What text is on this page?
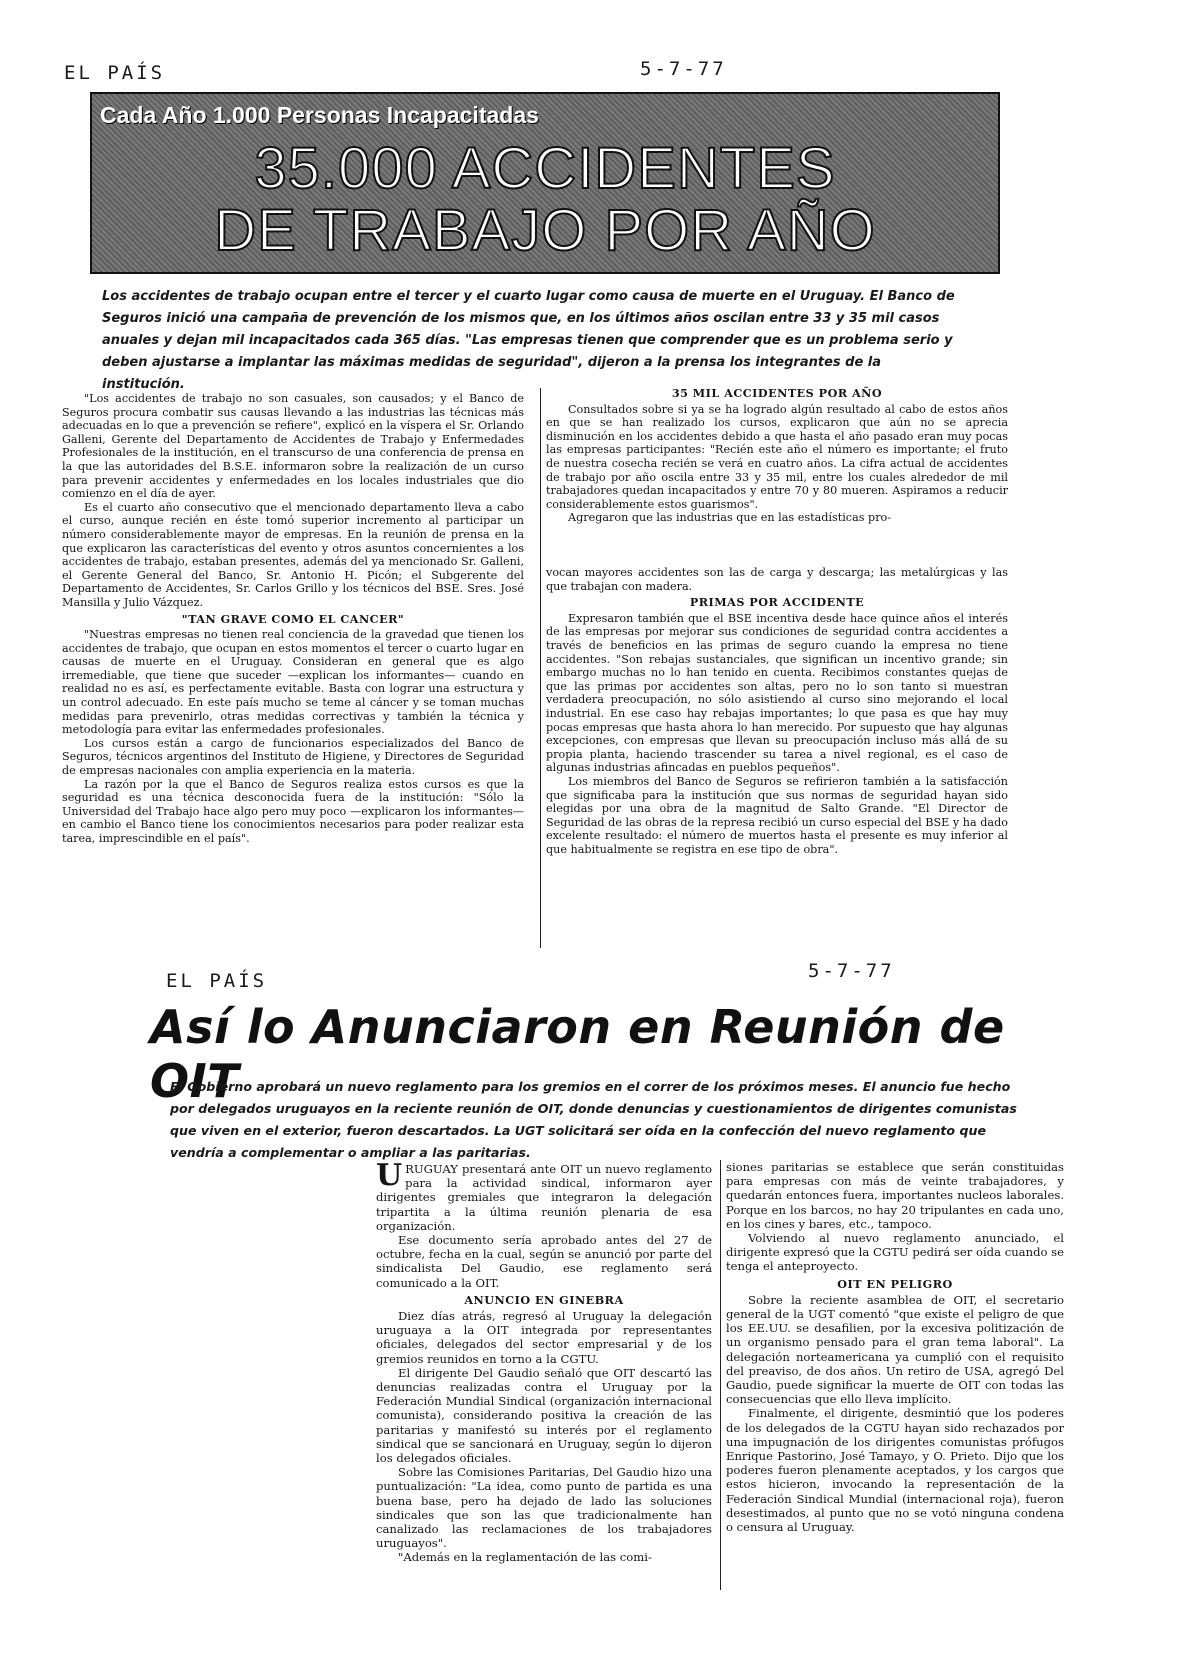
EL PAÍS	5-7-77
Cada Año 1.000 Personas Incapacitadas
35.000 ACCIDENTES
DE TRABAJO POR AÑO
Los accidentes de trabajo ocupan entre el tercer y el cuarto lugar como causa de muerte en el Uruguay. El Banco de Seguros inició una campaña de prevención de los mismos que, en los últimos años oscilan entre 33 y 35 mil casos anuales y dejan mil incapacitados cada 365 días. "Las empresas tienen que comprender que es un problema serio y deben ajustarse a implantar las máximas medidas de seguridad", dijeron a la prensa los integrantes de la institución.

"Los accidentes de trabajo no son casuales, son causados; y el Banco de Seguros procura combatir sus causas llevando a las industrias las técnicas más adecuadas en lo que a prevención se refiere", explicó en la víspera el Sr. Orlando Galleni, Gerente del Departamento de Accidentes de Trabajo y Enfermedades Profesionales de la institución, en el transcurso de una conferencia de prensa en la que las autoridades del B.S.E. informaron sobre la realización de un curso para prevenir accidentes y enfermedades en los locales industriales que dio comienzo en el día de ayer.

Es el cuarto año consecutivo que el mencionado departamento lleva a cabo el curso, aunque recién en éste tomó superior incremento al participar un número considerablemente mayor de empresas. En la reunión de prensa en la que explicaron las características del evento y otros asuntos concernientes a los accidentes de trabajo, estaban presentes, además del ya mencionado Sr. Galleni, el Gerente General del Banco, Sr. Antonio H. Picón; el Subgerente del Departamento de Accidentes, Sr. Carlos Grillo y los técnicos del BSE. Sres. José Mansilla y Julio Vázquez.

"TAN GRAVE COMO EL CANCER"

"Nuestras empresas no tienen real conciencia de la gravedad que tienen los accidentes de trabajo, que ocupan en estos momentos el tercer o cuarto lugar en causas de muerte en el Uruguay. Consideran en general que es algo irremediable, que tiene que suceder —explican los informantes— cuando en realidad no es así, es perfectamente evitable. Basta con lograr una estructura y un control adecuado. En este país mucho se teme al cáncer y se toman muchas medidas para prevenirlo, otras medidas correctivas y también la técnica y metodología para evitar las enfermedades profesionales.

Los cursos están a cargo de funcionarios especializados del Banco de Seguros, técnicos argentinos del Instituto de Higiene, y Directores de Seguridad de empresas nacionales con amplia experiencia en la materia.

La razón por la que el Banco de Seguros realiza estos cursos es que la seguridad es una técnica desconocida fuera de la institución: "Sólo la Universidad del Trabajo hace algo pero muy poco —explicaron los informantes— en cambio el Banco tiene los conocimientos necesarios para poder realizar esta tarea, imprescindible en el país".

35 MIL ACCIDENTES POR AÑO

Consultados sobre si ya se ha logrado algún resultado al cabo de estos años en que se han realizado los cursos, explicaron que aún no se aprecia disminución en los accidentes debido a que hasta el año pasado eran muy pocas las empresas participantes: "Recién este año el número es importante; el fruto de nuestra cosecha recién se verá en cuatro años. La cifra actual de accidentes de trabajo por año oscila entre 33 y 35 mil, entre los cuales alrededor de mil trabajadores quedan incapacitados y entre 70 y 80 mueren. Aspiramos a reducir considerablemente estos guarismos".

Agregaron que las industrias que en las estadísticas pro-

vocan mayores accidentes son las de carga y descarga; las metalúrgicas y las que trabajan con madera.

PRIMAS POR ACCIDENTE

Expresaron también que el BSE incentiva desde hace quince años el interés de las empresas por mejorar sus condiciones de seguridad contra accidentes a través de beneficios en las primas de seguro cuando la empresa no tiene accidentes. "Son rebajas sustanciales, que significan un incentivo grande; sin embargo muchas no lo han tenido en cuenta. Recibimos constantes quejas de que las primas por accidentes son altas, pero no lo son tanto si muestran verdadera preocupación, no sólo asistiendo al curso sino mejorando el local industrial. En ese caso hay rebajas importantes; lo que pasa es que hay muy pocas empresas que hasta ahora lo han merecido. Por supuesto que hay algunas excepciones, con empresas que llevan su preocupación incluso más allá de su propia planta, haciendo trascender su tarea a nivel regional, es el caso de algunas industrias afincadas en pueblos pequeños".

Los miembros del Banco de Seguros se refirieron también a la satisfacción que significaba para la institución que sus normas de seguridad hayan sido elegidas por una obra de la magnitud de Salto Grande. "El Director de Seguridad de las obras de la represa recibió un curso especial del BSE y ha dado excelente resultado: el número de muertos hasta el presente es muy inferior al que habitualmente se registra en ese tipo de obra".

EL PAÍS	5-7-77
Así lo Anunciaron en Reunión de OIT
El Gobierno aprobará un nuevo reglamento para los gremios en el correr de los próximos meses. El anuncio fue hecho por delegados uruguayos en la reciente reunión de OIT, donde denuncias y cuestionamientos de dirigentes comunistas que viven en el exterior, fueron descartados. La UGT solicitará ser oída en la confección del nuevo reglamento que vendría a complementar o ampliar a las paritarias.

URUGUAY presentará ante OIT un nuevo reglamento para la actividad sindical, informaron ayer dirigentes gremiales que integraron la delegación tripartita a la última reunión plenaria de esa organización.

Ese documento sería aprobado antes del 27 de octubre, fecha en la cual, según se anunció por parte del sindicalista Del Gaudio, ese reglamento será comunicado a la OIT.

ANUNCIO EN GINEBRA

Diez días atrás, regresó al Uruguay la delegación uruguaya a la OIT integrada por representantes oficiales, delegados del sector empresarial y de los gremios reunidos en torno a la CGTU.

El dirigente Del Gaudio señaló que OIT descartó las denuncias realizadas contra el Uruguay por la Federación Mundial Sindical (organización internacional comunista), considerando positiva la creación de las paritarias y manifestó su interés por el reglamento sindical que se sancionará en Uruguay, según lo dijeron los delegados oficiales.

Sobre las Comisiones Paritarias, Del Gaudio hizo una puntualización: "La idea, como punto de partida es una buena base, pero ha dejado de lado las soluciones sindicales que son las que tradicionalmente han canalizado las reclamaciones de los trabajadores uruguayos".

"Además en la reglamentación de las comi-

siones paritarias se establece que serán constituidas para empresas con más de veinte trabajadores, y quedarán entonces fuera, importantes nucleos laborales. Porque en los barcos, no hay 20 tripulantes en cada uno, en los cines y bares, etc., tampoco.

Volviendo al nuevo reglamento anunciado, el dirigente expresó que la CGTU pedirá ser oída cuando se tenga el anteproyecto.

OIT EN PELIGRO

Sobre la reciente asamblea de OIT, el secretario general de la UGT comentó "que existe el peligro de que los EE.UU. se desafilien, por la excesiva politización de un organismo pensado para el gran tema laboral". La delegación norteamericana ya cumplió con el requisito del preaviso, de dos años. Un retiro de USA, agregó Del Gaudio, puede significar la muerte de OIT con todas las consecuencias que ello lleva implícito.

Finalmente, el dirigente, desmintió que los poderes de los delegados de la CGTU hayan sido rechazados por una impugnación de los dirigentes comunistas prófugos Enrique Pastorino, José Tamayo, y O. Prieto. Dijo que los poderes fueron plenamente aceptados, y los cargos que estos hicieron, invocando la representación de la Federación Sindical Mundial (internacional roja), fueron desestimados, al punto que no se votó ninguna condena o censura al Uruguay.
